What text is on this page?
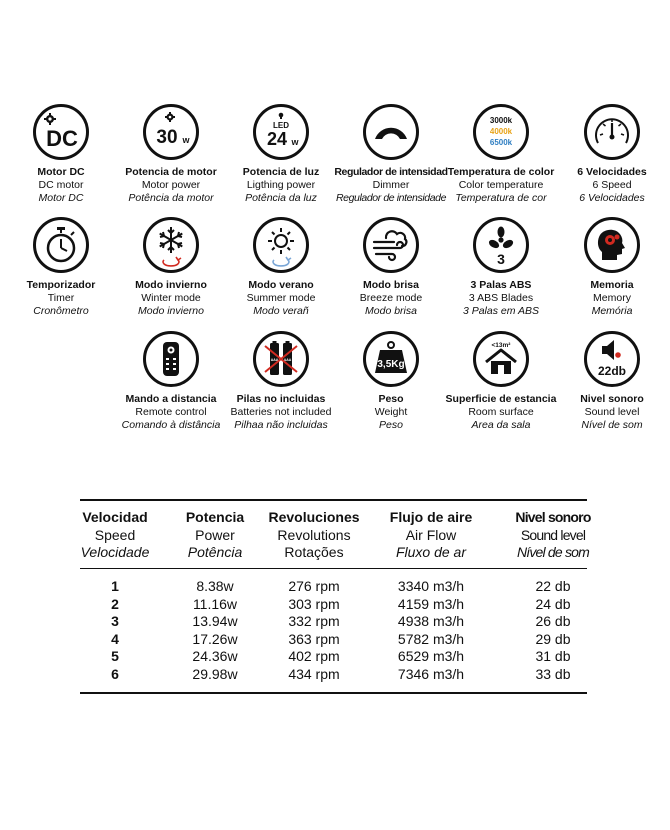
DC
Motor DC
DC motor
Motor DC
30 w
Potencia de motor
Motor power
Potência da motor
LED
24 w
Potencia de luz
Ligthing power
Potência da luz
Regulador de intensidad
Dimmer
Regulador de intensidade
3000k
4000k
6500k
Temperatura de color
Color temperature
Temperatura de cor
6 Velocidades
6 Speed
6 Velocidades
Temporizador
Timer
Cronômetro
Modo invierno
Winter mode
Modo invierno
Modo verano
Summer mode
Modo verañ
Modo brisa
Breeze mode
Modo brisa
3
3 Palas ABS
3 ABS Blades
3 Palas em ABS
Memoria
Memory
Memória
Mando a distancia
Remote control
Comando à distância
AAA AAA
Pilas no incluidas
Batteries not included
Pilhaa não incluidas
3,5Kg
Peso
Weight
Peso
<13m²
Superficie de estancia
Room surface
Area da sala
22db
Nivel sonoro
Sound level
Nível de som
Velocidad
Speed
Velocidade
Potencia
Power
Potência
Revoluciones
Revolutions
Rotações
Flujo de aire
Air Flow
Fluxo de ar
Nivel sonoro
Sound level
Nível de som
1	8.38w	276 rpm	3340 m3/h	22 db
2	11.16w	303 rpm	4159 m3/h	24 db
3	13.94w	332 rpm	4938 m3/h	26 db
4	17.26w	363 rpm	5782 m3/h	29 db
5	24.36w	402 rpm	6529 m3/h	31 db
6	29.98w	434 rpm	7346 m3/h	33 db
